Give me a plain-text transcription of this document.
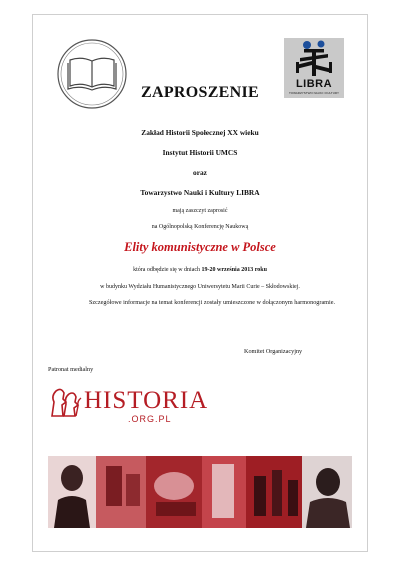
LIBRA
TOWARZYSTWO NAUKI I KULTURY
ZAPROSZENIE
Zakład Historii Społecznej XX wieku
Instytut Historii UMCS
oraz
Towarzystwo Nauki i Kultury LIBRA
mają zaszczyt zaprosić
na Ogólnopolską Konferencję Naukową
Elity komunistyczne w Polsce
która odbędzie się w dniach 19-20 września 2013 roku
w budynku Wydziału Humanistycznego Uniwersytetu Marii Curie – Skłodowskiej.
Szczegółowe informacje na temat konferencji zostały umieszczone w dołączonym harmonogramie.
Komitet Organizacyjny
Patronat medialny
HISTORIA
.ORG.PL
